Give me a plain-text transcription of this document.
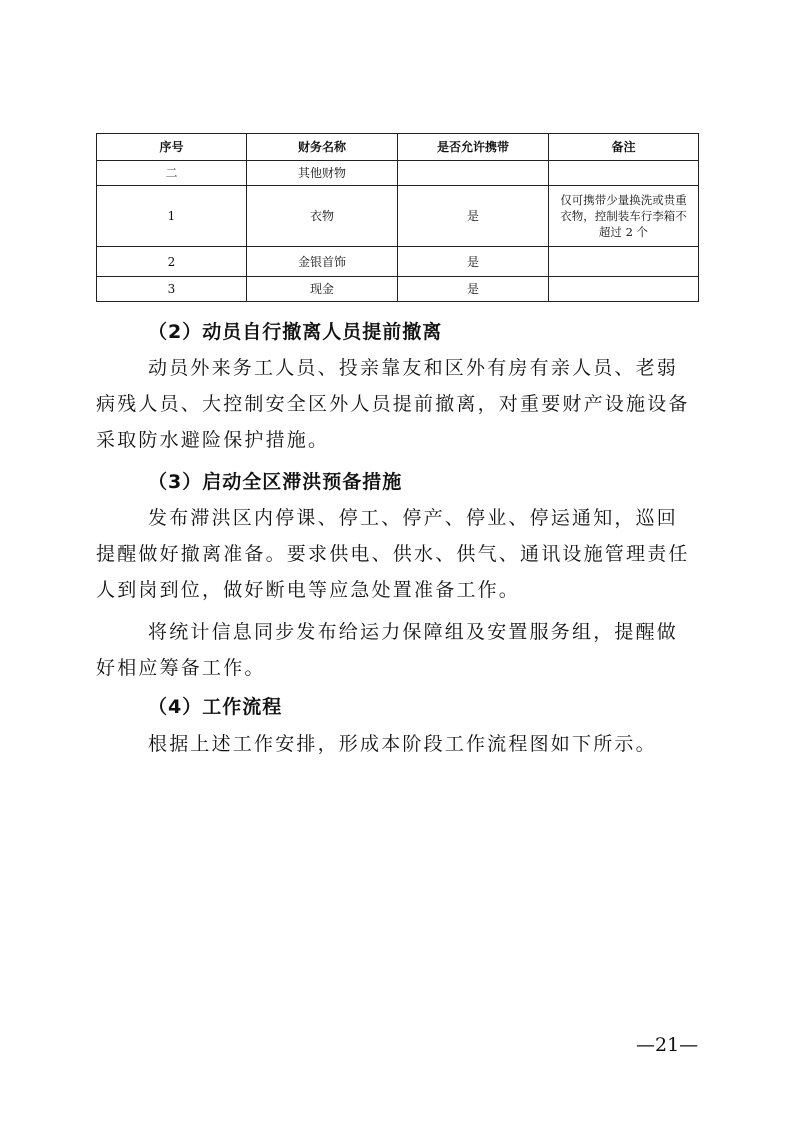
序号	财务名称	是否允许携带	备注
二	其他财物		
1	衣物	是	仅可携带少量换洗或贵重衣物，控制装车行李箱不超过 2 个
2	金银首饰	是	
3	现金	是	
（2）动员自行撤离人员提前撤离

动员外来务工人员、投亲靠友和区外有房有亲人员、老弱病残人员、大控制安全区外人员提前撤离，对重要财产设施设备采取防水避险保护措施。

（3）启动全区滞洪预备措施

发布滞洪区内停课、停工、停产、停业、停运通知，巡回提醒做好撤离准备。要求供电、供水、供气、通讯设施管理责任人到岗到位，做好断电等应急处置准备工作。

将统计信息同步发布给运力保障组及安置服务组，提醒做好相应筹备工作。

（4）工作流程

根据上述工作安排，形成本阶段工作流程图如下所示。

—21—
